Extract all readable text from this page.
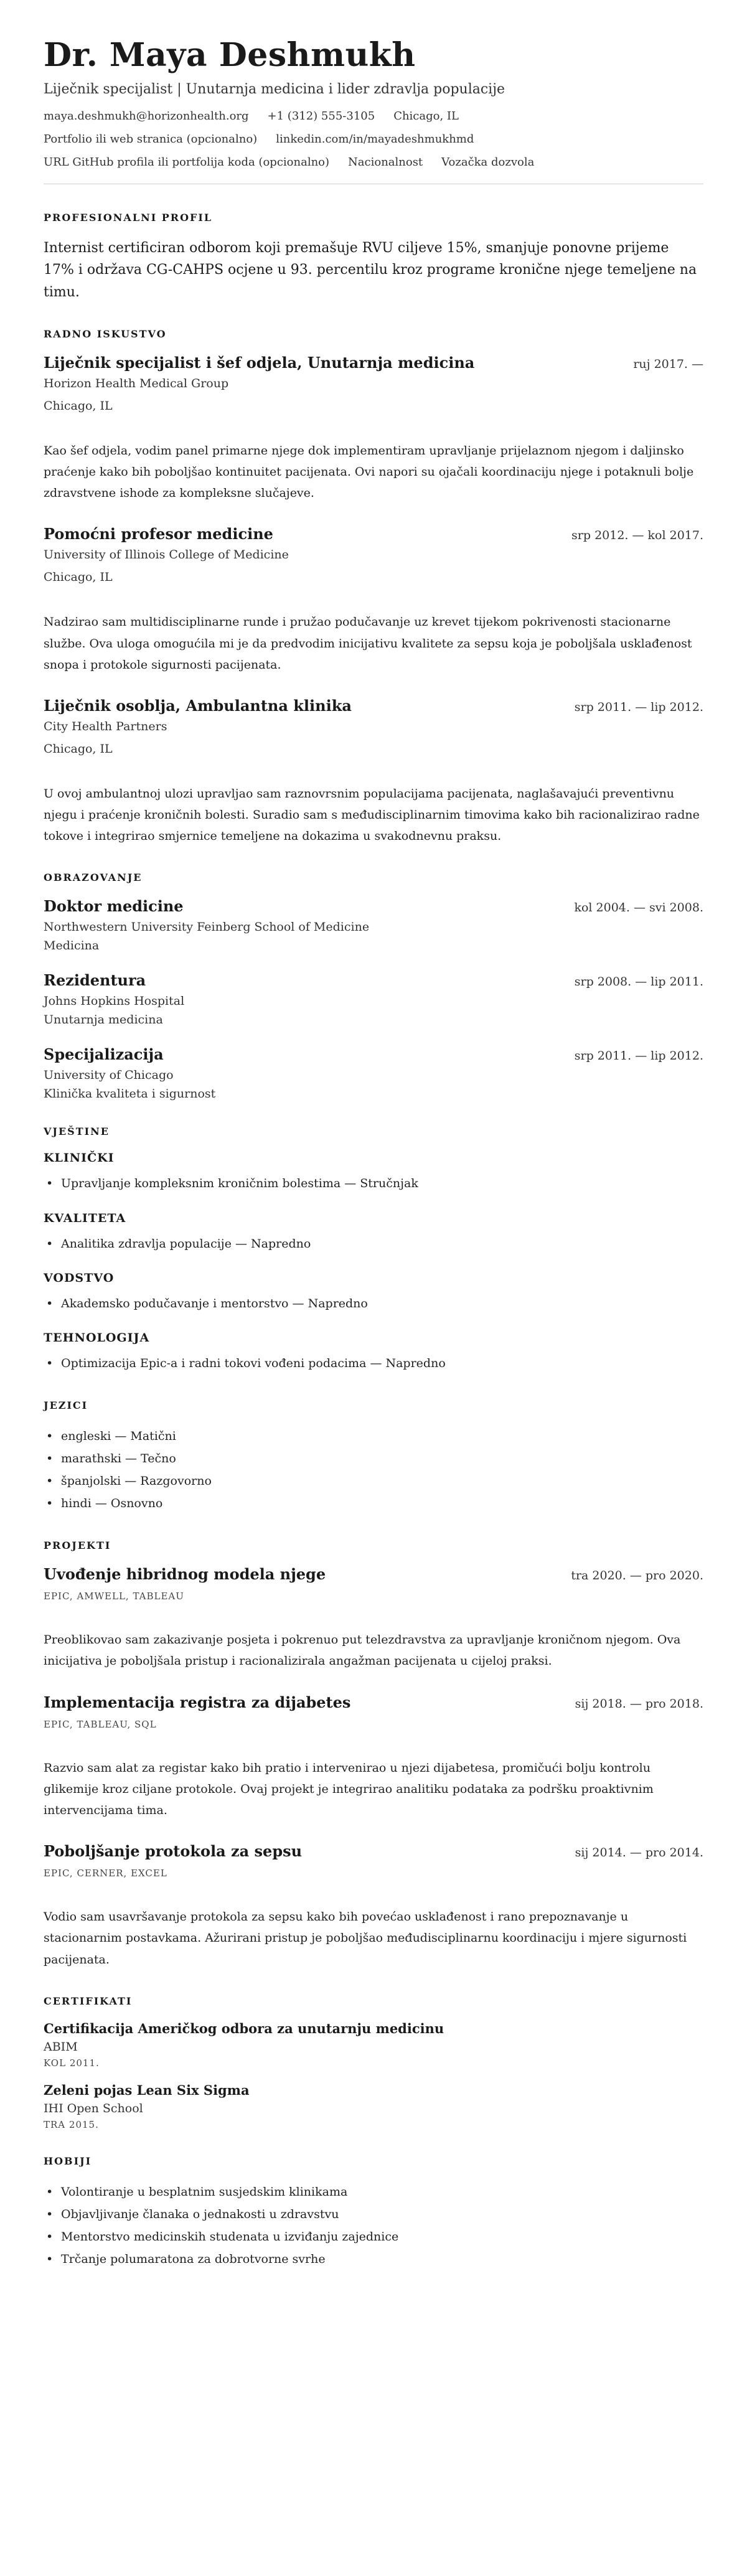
Dr. Maya Deshmukh
Liječnik specijalist | Unutarnja medicina i lider zdravlja populacije
maya.deshmukh@horizonhealth.org +1 (312) 555-3105 Chicago, IL
Portfolio ili web stranica (opcionalno) linkedin.com/in/mayadeshmukhmd
URL GitHub profila ili portfolija koda (opcionalno) Nacionalnost Vozačka dozvola
PROFESIONALNI PROFIL

Internist certificiran odborom koji premašuje RVU ciljeve 15%, smanjuje ponovne prijeme 17% i održava CG-CAHPS ocjene u 93. percentilu kroz programe kronične njege temeljene na timu.

RADNO ISKUSTVO
Liječnik specijalist i šef odjela, Unutarnja medicina	ruj 2017. —
Horizon Health Medical Group
Chicago, IL

Kao šef odjela, vodim panel primarne njege dok implementiram upravljanje prijelaznom njegom i daljinsko praćenje kako bih poboljšao kontinuitet pacijenata. Ovi napori su ojačali koordinaciju njege i potaknuli bolje zdravstvene ishode za kompleksne slučajeve.

Pomoćni profesor medicine	srp 2012. — kol 2017.
University of Illinois College of Medicine
Chicago, IL

Nadzirao sam multidisciplinarne runde i pružao podučavanje uz krevet tijekom pokrivenosti stacionarne službe. Ova uloga omogućila mi je da predvodim inicijativu kvalitete za sepsu koja je poboljšala usklađenost snopa i protokole sigurnosti pacijenata.

Liječnik osoblja, Ambulantna klinika	srp 2011. — lip 2012.
City Health Partners
Chicago, IL

U ovoj ambulantnoj ulozi upravljao sam raznovrsnim populacijama pacijenata, naglašavajući preventivnu njegu i praćenje kroničnih bolesti. Suradio sam s međudisciplinarnim timovima kako bih racionalizirao radne tokove i integrirao smjernice temeljene na dokazima u svakodnevnu praksu.

OBRAZOVANJE
Doktor medicine	kol 2004. — svi 2008.
Northwestern University Feinberg School of Medicine
Medicina
Rezidentura	srp 2008. — lip 2011.
Johns Hopkins Hospital
Unutarnja medicina
Specijalizacija	srp 2011. — lip 2012.
University of Chicago
Klinička kvaliteta i sigurnost
VJEŠTINE
KLINIČKI
• Upravljanje kompleksnim kroničnim bolestima — Stručnjak
KVALITETA
• Analitika zdravlja populacije — Napredno
VODSTVO
• Akademsko podučavanje i mentorstvo — Napredno
TEHNOLOGIJA
• Optimizacija Epic-a i radni tokovi vođeni podacima — Napredno
JEZICI
• engleski — Matični
• marathski — Tečno
• španjolski — Razgovorno
• hindi — Osnovno
PROJEKTI
Uvođenje hibridnog modela njege	tra 2020. — pro 2020.
EPIC, AMWELL, TABLEAU

Preoblikovao sam zakazivanje posjeta i pokrenuo put telezdravstva za upravljanje kroničnom njegom. Ova inicijativa je poboljšala pristup i racionalizirala angažman pacijenata u cijeloj praksi.

Implementacija registra za dijabetes	sij 2018. — pro 2018.
EPIC, TABLEAU, SQL

Razvio sam alat za registar kako bih pratio i intervenirao u njezi dijabetesa, promičući bolju kontrolu glikemije kroz ciljane protokole. Ovaj projekt je integrirao analitiku podataka za podršku proaktivnim intervencijama tima.

Poboljšanje protokola za sepsu	sij 2014. — pro 2014.
EPIC, CERNER, EXCEL

Vodio sam usavršavanje protokola za sepsu kako bih povećao usklađenost i rano prepoznavanje u stacionarnim postavkama. Ažurirani pristup je poboljšao međudisciplinarnu koordinaciju i mjere sigurnosti pacijenata.

CERTIFIKATI
Certifikacija Američkog odbora za unutarnju medicinu
ABIM
KOL 2011.
Zeleni pojas Lean Six Sigma
IHI Open School
TRA 2015.
HOBIJI
• Volontiranje u besplatnim susjedskim klinikama
• Objavljivanje članaka o jednakosti u zdravstvu
• Mentorstvo medicinskih studenata u izviđanju zajednice
• Trčanje polumaratona za dobrotvorne svrhe
